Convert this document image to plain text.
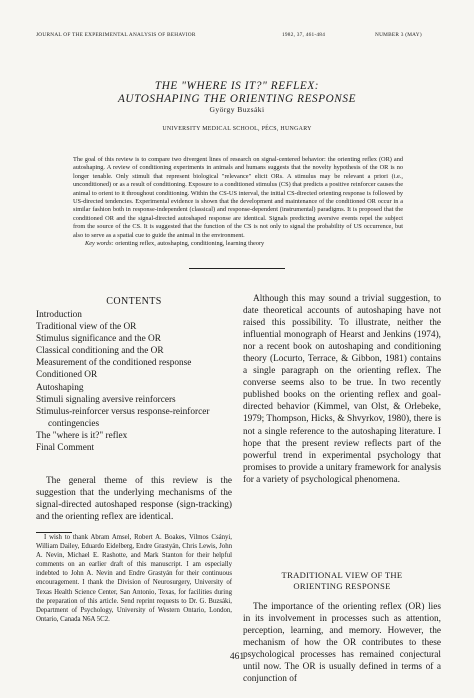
JOURNAL OF THE EXPERIMENTAL ANALYSIS OF BEHAVIOR	1982, 37, 461-484	NUMBER 3 (MAY)
THE "WHERE IS IT?" REFLEX:
AUTOSHAPING THE ORIENTING RESPONSE
György Buzsáki
UNIVERSITY MEDICAL SCHOOL, PÉCS, HUNGARY
The goal of this review is to compare two divergent lines of research on signal-centered behavior: the orienting reflex (OR) and autoshaping. A review of conditioning experiments in animals and humans suggests that the novelty hypothesis of the OR is no longer tenable. Only stimuli that represent biological "relevance" elicit ORs. A stimulus may be relevant a priori (i.e., unconditioned) or as a result of conditioning. Exposure to a conditioned stimulus (CS) that predicts a positive reinforcer causes the animal to orient to it throughout conditioning. Within the CS-US interval, the initial CS-directed orienting response is followed by US-directed tendencies. Experimental evidence is shown that the development and maintenance of the conditioned OR occur in a similar fashion both in response-independent (classical) and response-dependent (instrumental) paradigms. It is proposed that the conditioned OR and the signal-directed autoshaped response are identical. Signals predicting aversive events repel the subject from the source of the CS. It is suggested that the function of the CS is not only to signal the probability of US occurrence, but also to serve as a spatial cue to guide the animal in the environment.
Key words: orienting reflex, autoshaping, conditioning, learning theory
CONTENTS
Introduction
Traditional view of the OR
Stimulus significance and the OR
Classical conditioning and the OR
Measurement of the conditioned response
Conditioned OR
Autoshaping
Stimuli signaling aversive reinforcers
Stimulus-reinforcer versus response-reinforcer
contingencies
The "where is it?" reflex
Final Comment
The general theme of this review is the suggestion that the underlying mechanisms of the signal-directed autoshaped response (sign-tracking) and the orienting reflex are identical.
I wish to thank Abram Amsel, Robert A. Boakes, Vilmos Csányi, William Dailey, Eduardo Eidelberg, Endre Grastyán, Chris Lewis, John A. Nevin, Michael E. Rashotte, and Mark Stanton for their helpful comments on an earlier draft of this manuscript. I am especially indebted to John A. Nevin and Endre Grastyán for their continuous encouragement. I thank the Division of Neurosurgery, University of Texas Health Science Center, San Antonio, Texas, for facilities during the preparation of this article. Send reprint requests to Dr. G. Buzsáki, Department of Psychology, University of Western Ontario, London, Ontario, Canada N6A 5C2.
Although this may sound a trivial suggestion, to date theoretical accounts of autoshaping have not raised this possibility. To illustrate, neither the influential monograph of Hearst and Jenkins (1974), nor a recent book on autoshaping and conditioning theory (Locurto, Terrace, & Gibbon, 1981) contains a single paragraph on the orienting reflex. The converse seems also to be true. In two recently published books on the orienting reflex and goal-directed behavior (Kimmel, van Olst, & Orlebeke, 1979; Thompson, Hicks, & Shvyrkov, 1980), there is not a single reference to the autoshaping literature. I hope that the present review reflects part of the powerful trend in experimental psychology that promises to provide a unitary framework for analysis for a variety of psychological phenomena.
TRADITIONAL VIEW OF THE
ORIENTING RESPONSE
The importance of the orienting reflex (OR) lies in its involvement in processes such as attention, perception, learning, and memory. However, the mechanism of how the OR contributes to these psychological processes has remained conjectural until now. The OR is usually defined in terms of a conjunction of
461
